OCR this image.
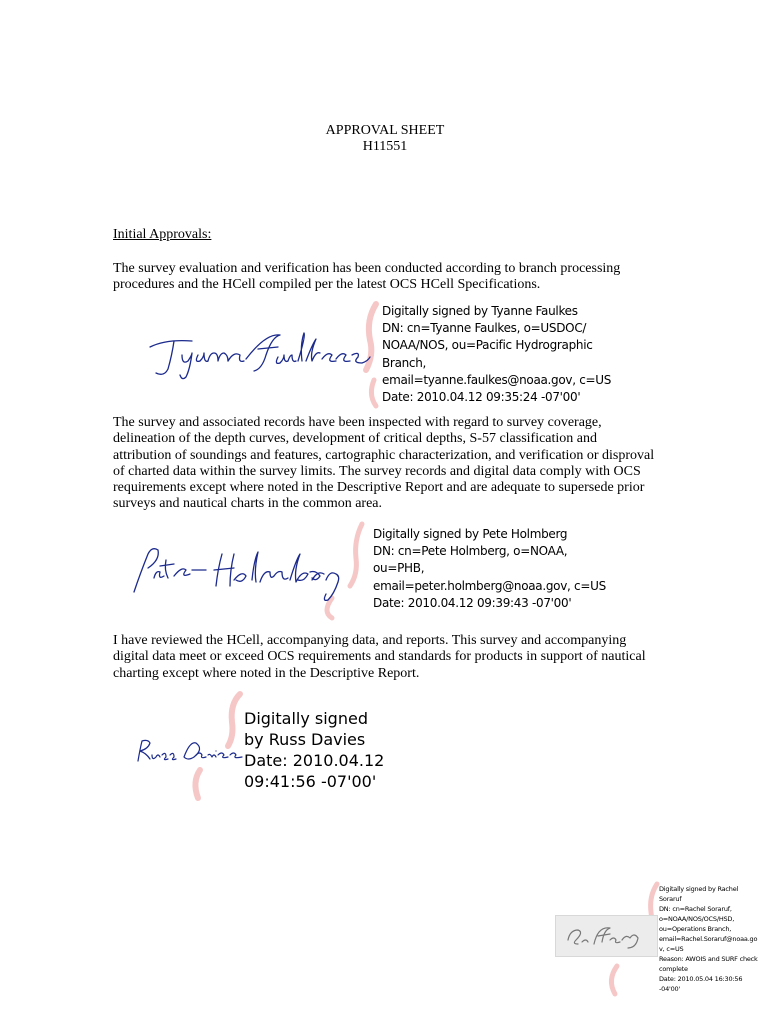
APPROVAL SHEET
H11551
Initial Approvals:

The survey evaluation and verification has been conducted according to branch processing procedures and the HCell compiled per the latest OCS HCell Specifications.

Digitally signed by Tyanne Faulkes
DN: cn=Tyanne Faulkes, o=USDOC/
NOAA/NOS, ou=Pacific Hydrographic
Branch,
email=tyanne.faulkes@noaa.gov, c=US
Date: 2010.04.12 09:35:24 -07'00'

The survey and associated records have been inspected with regard to survey coverage, delineation of the depth curves, development of critical depths, S-57 classification and attribution of soundings and features, cartographic characterization, and verification or disproval of charted data within the survey limits. The survey records and digital data comply with OCS requirements except where noted in the Descriptive Report and are adequate to supersede prior surveys and nautical charts in the common area.

Digitally signed by Pete Holmberg
DN: cn=Pete Holmberg, o=NOAA,
ou=PHB,
email=peter.holmberg@noaa.gov, c=US
Date: 2010.04.12 09:39:43 -07'00'

I have reviewed the HCell, accompanying data, and reports. This survey and accompanying digital data meet or exceed OCS requirements and standards for products in support of nautical charting except where noted in the Descriptive Report.

Digitally signed
by Russ Davies
Date: 2010.04.12
09:41:56 -07'00'

Digitally signed by Rachel
Soraruf
DN: cn=Rachel Soraruf,
o=NOAA/NOS/OCS/HSD,
ou=Operations Branch,
email=Rachel.Soraruf@noaa.go
v, c=US
Reason: AWOIS and SURF check
complete
Date: 2010.05.04 16:30:56
-04'00'
